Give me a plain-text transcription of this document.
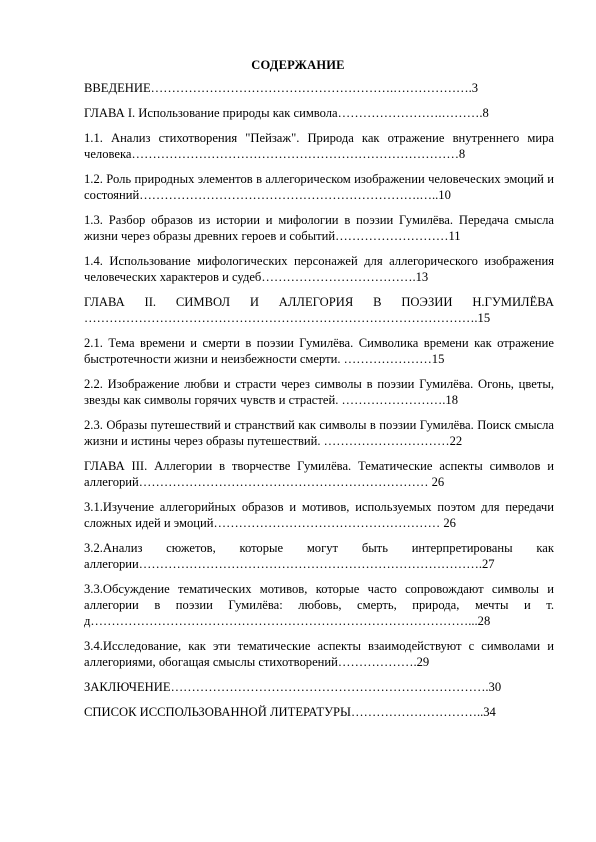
СОДЕРЖАНИЕ

ВВЕДЕНИЕ………………………………………………….……………….3

ГЛАВА I. Использование природы как символа…………………….……….8

1.1. Анализ стихотворения "Пейзаж". Природа как отражение внутреннего мира человека……………………………………………………………………8

1.2. Роль природных элементов в аллегорическом изображении человеческих эмоций и состояний………………………………………………………….…..10

1.3. Разбор образов из истории и мифологии в поэзии Гумилёва. Передача смысла жизни через образы древних героев и событий………………………11

1.4. Использование мифологических персонажей для аллегорического изображения человеческих характеров и судеб……………………………….13

ГЛАВА II. СИМВОЛ И АЛЛЕГОРИЯ В ПОЭЗИИ Н.ГУМИЛЁВА ………………………………………………………………………………….15

2.1. Тема времени и смерти в поэзии Гумилёва. Символика времени как отражение быстротечности жизни и неизбежности смерти. …………………15

2.2. Изображение любви и страсти через символы в поэзии Гумилёва. Огонь, цветы, звезды как символы горячих чувств и страстей. …………………….18

2.3. Образы путешествий и странствий как символы в поэзии Гумилёва. Поиск смысла жизни и истины через образы путешествий. …………………………22

ГЛАВА III. Аллегории в творчестве Гумилёва. Тематические аспекты символов и аллегорий…………………………………………………………… 26

3.1.Изучение аллегорийных образов и мотивов, используемых поэтом для передачи сложных идей и эмоций……………………………………………… 26

3.2.Анализ сюжетов, которые могут быть интерпретированы как аллегории……………………………………………………………………….27

3.3.Обсуждение тематических мотивов, которые часто сопровождают символы и аллегории в поэзии Гумилёва: любовь, смерть, природа, мечты и т. д………………………………………………………………………………...28

3.4.Исследование, как эти тематические аспекты взаимодействуют с символами и аллегориями, обогащая смыслы стихотворений……………….29

ЗАКЛЮЧЕНИЕ………………………………………………………………….30

СПИСОК ИССПОЛЬЗОВАННОЙ ЛИТЕРАТУРЫ…………………………..34
